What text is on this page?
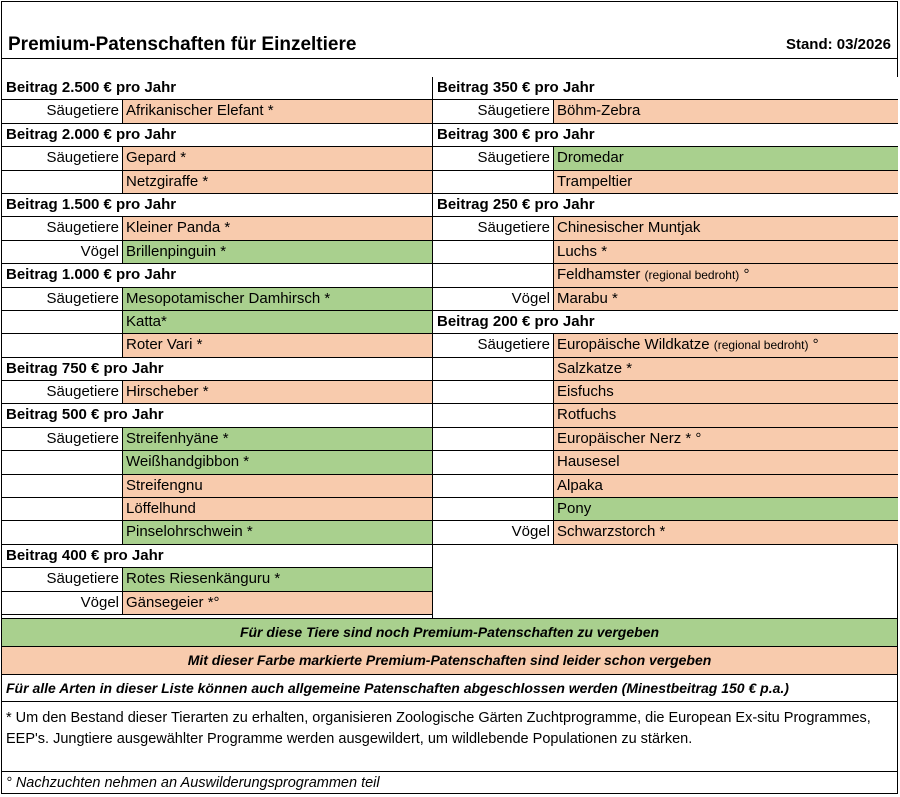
Premium-Patenschaften für Einzeltiere	Stand: 03/2026
Beitrag 2.500 € pro Jahr
Säugetiere Afrikanischer Elefant *
Beitrag 2.000 € pro Jahr
Säugetiere Gepard *
Netzgiraffe *
Beitrag 1.500 € pro Jahr
Säugetiere Kleiner Panda *
Vögel Brillenpinguin *
Beitrag 1.000 € pro Jahr
Säugetiere Mesopotamischer Damhirsch *
Katta*
Roter Vari *
Beitrag 750 € pro Jahr
Säugetiere Hirscheber *
Beitrag 500 € pro Jahr
Säugetiere Streifenhyäne *
Weißhandgibbon *
Streifengnu
Löffelhund
Pinselohrschwein *
Beitrag 400 € pro Jahr
Säugetiere Rotes Riesenkänguru *
Vögel Gänsegeier *°
Beitrag 350 € pro Jahr
Säugetiere Böhm-Zebra
Beitrag 300 € pro Jahr
Säugetiere Dromedar
Trampeltier
Beitrag 250 € pro Jahr
Säugetiere Chinesischer Muntjak
Luchs *
Feldhamster (regional bedroht) °
Vögel Marabu *
Beitrag 200 € pro Jahr
Säugetiere Europäische Wildkatze (regional bedroht) °
Salzkatze *
Eisfuchs
Rotfuchs
Europäischer Nerz * °
Hausesel
Alpaka
Pony
Vögel Schwarzstorch *
Für diese Tiere sind noch Premium-Patenschaften zu vergeben
Mit dieser Farbe markierte Premium-Patenschaften sind leider schon vergeben
Für alle Arten in dieser Liste können auch allgemeine Patenschaften abgeschlossen werden (Minestbeitrag 150 € p.a.)
* Um den Bestand dieser Tierarten zu erhalten, organisieren Zoologische Gärten Zuchtprogramme, die European Ex-situ Programmes, EEP's. Jungtiere ausgewählter Programme werden ausgewildert, um wildlebende Populationen zu stärken.
° Nachzuchten nehmen an Auswilderungsprogrammen teil
